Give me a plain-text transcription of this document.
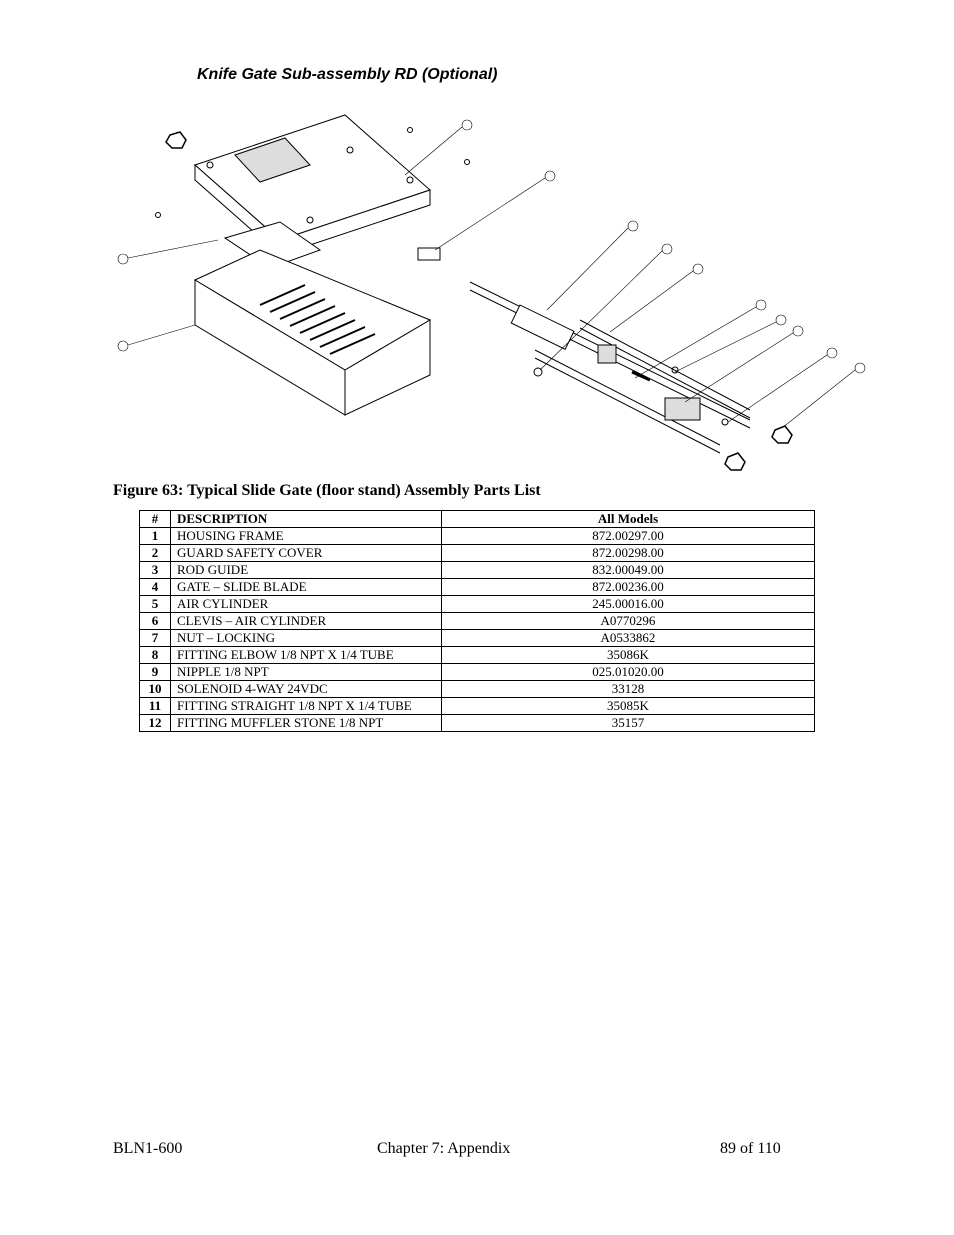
Knife Gate Sub-assembly RD (Optional)
Figure 63: Typical Slide Gate (floor stand) Assembly Parts List
#	DESCRIPTION	All Models
1	HOUSING FRAME	872.00297.00
2	GUARD SAFETY COVER	872.00298.00
3	ROD GUIDE	832.00049.00
4	GATE – SLIDE BLADE	872.00236.00
5	AIR CYLINDER	245.00016.00
6	CLEVIS – AIR CYLINDER	A0770296
7	NUT – LOCKING	A0533862
8	FITTING ELBOW 1/8 NPT X 1/4 TUBE	35086K
9	NIPPLE 1/8 NPT	025.01020.00
10	SOLENOID 4-WAY 24VDC	33128
11	FITTING STRAIGHT 1/8 NPT X 1/4 TUBE	35085K
12	FITTING MUFFLER STONE 1/8 NPT	35157
BLN1-600	Chapter 7: Appendix	89 of 110
